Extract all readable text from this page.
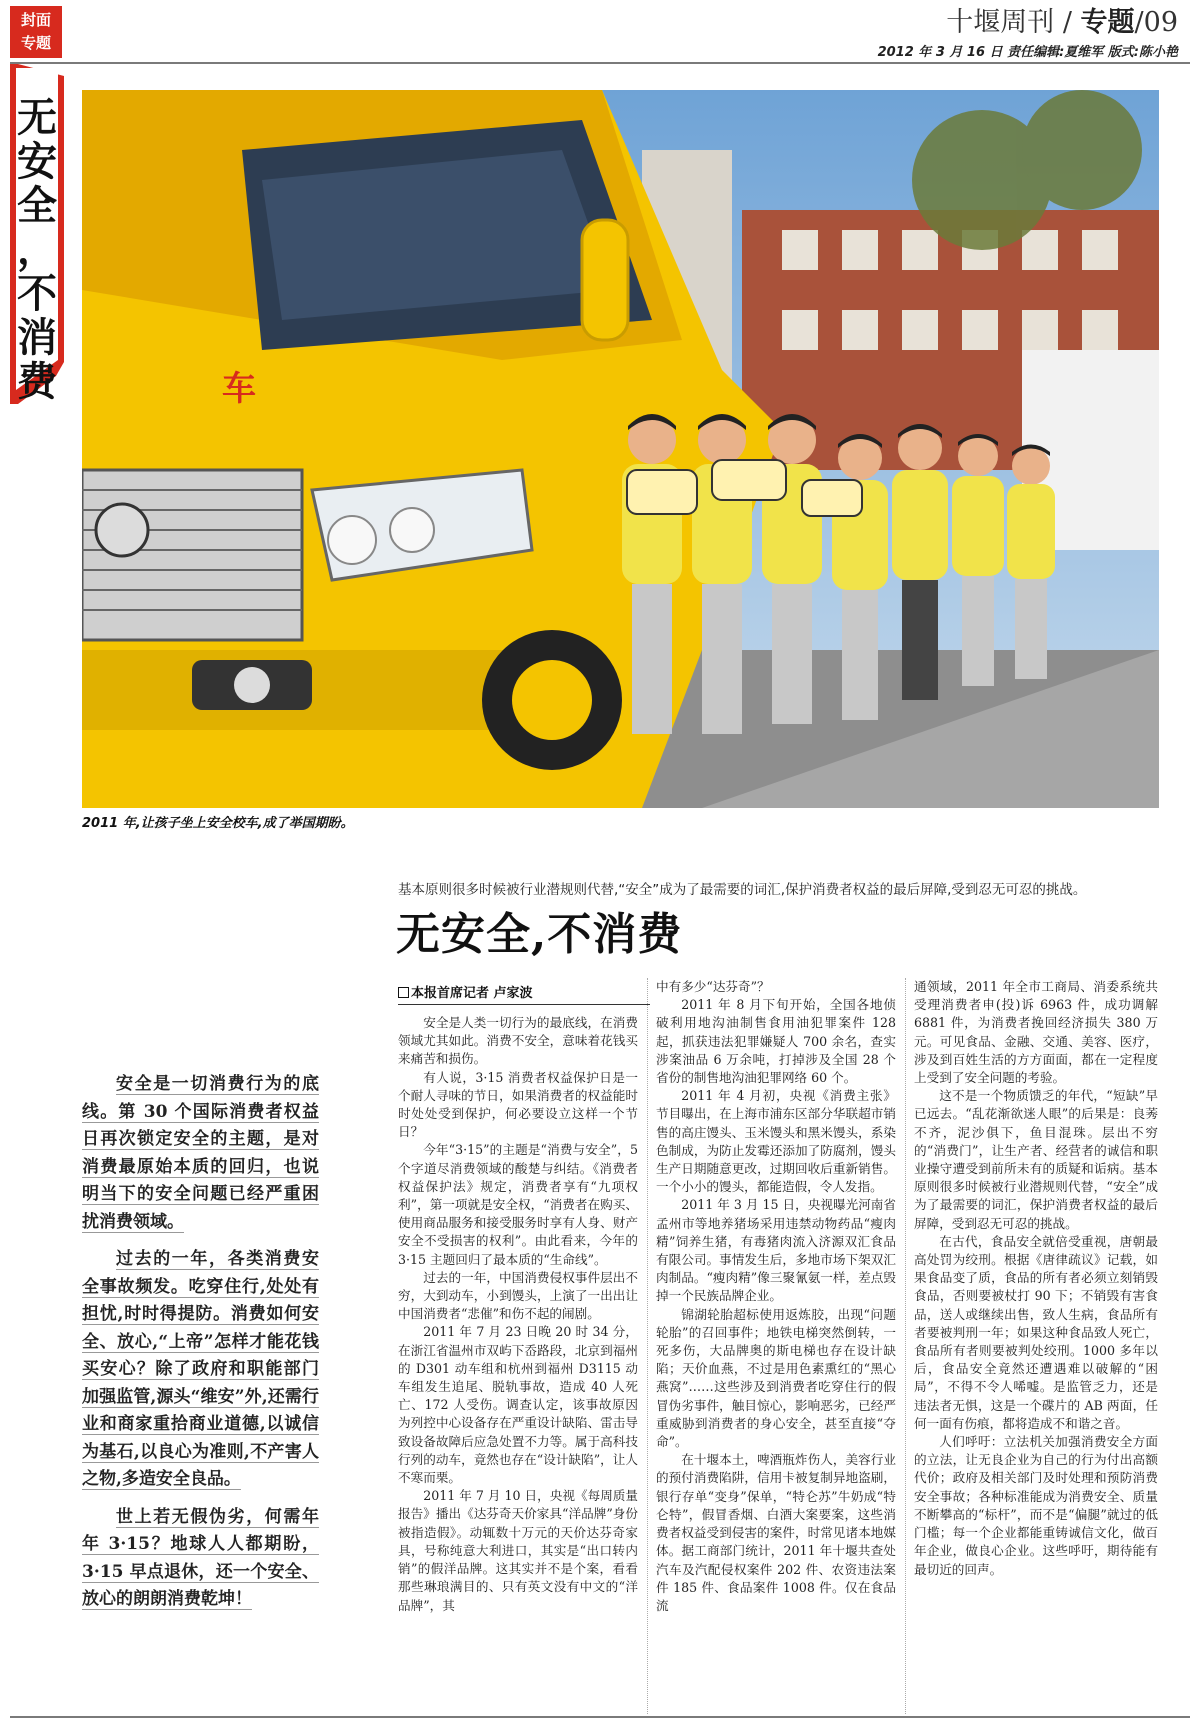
封面
专题
十堰周刊 / 专题/09
2012 年 3 月 16 日 责任编辑:夏维军 版式:陈小艳
无
安
全
，
不
消
费	车
2011 年,让孩子坐上安全校车,成了举国期盼。
基本原则很多时候被行业潜规则代替,“安全”成为了最需要的词汇,保护消费者权益的最后屏障,受到忍无可忍的挑战。
无安全,不消费

安全是一切消费行为的底线。第 30 个国际消费者权益日再次锁定安全的主题，是对消费最原始本质的回归，也说明当下的安全问题已经严重困扰消费领域。

过去的一年，各类消费安全事故频发。吃穿住行,处处有担忧,时时得提防。消费如何安全、放心,“上帝”怎样才能花钱买安心？除了政府和职能部门加强监管,源头“维安”外,还需行业和商家重拾商业道德,以诚信为基石,以良心为准则,不产害人之物,多造安全良品。

世上若无假伪劣，何需年年 3·15？地球人人都期盼，3·15 早点退休，还一个安全、放心的朗朗消费乾坤！

本报首席记者 卢家波

安全是人类一切行为的最底线，在消费领域尤其如此。消费不安全，意味着花钱买来痛苦和损伤。

有人说，3·15 消费者权益保护日是一个耐人寻味的节日，如果消费者的权益能时时处处受到保护，何必要设立这样一个节日？

今年“3·15”的主题是“消费与安全”，5 个字道尽消费领域的酸楚与纠结。《消费者权益保护法》规定，消费者享有“九项权利”，第一项就是安全权，“消费者在购买、使用商品服务和接受服务时享有人身、财产安全不受损害的权利”。由此看来，今年的 3·15 主题回归了最本质的“生命线”。

过去的一年，中国消费侵权事件层出不穷，大到动车，小到馒头，上演了一出出让中国消费者“悲催”和伤不起的闹剧。

2011 年 7 月 23 日晚 20 时 34 分，在浙江省温州市双屿下岙路段，北京到福州的 D301 动车组和杭州到福州 D3115 动车组发生追尾、脱轨事故，造成 40 人死亡、172 人受伤。调查认定，该事故原因为列控中心设备存在严重设计缺陷、雷击导致设备故障后应急处置不力等。属于高科技行列的动车，竟然也存在“设计缺陷”，让人不寒而栗。

2011 年 7 月 10 日，央视《每周质量报告》播出《达芬奇天价家具“洋品牌”身份被指造假》。动辄数十万元的天价达芬奇家具，号称纯意大利进口，其实是“出口转内销”的假洋品牌。这其实并不是个案，看看那些琳琅满目的、只有英文没有中文的“洋品牌”，其

中有多少“达芬奇”？

2011 年 8 月下旬开始，全国各地侦破利用地沟油制售食用油犯罪案件 128 起，抓获违法犯罪嫌疑人 700 余名，查实涉案油品 6 万余吨，打掉涉及全国 28 个省份的制售地沟油犯罪网络 60 个。

2011 年 4 月初，央视《消费主张》节目曝出，在上海市浦东区部分华联超市销售的高庄馒头、玉米馒头和黑米馒头，系染色制成，为防止发霉还添加了防腐剂，馒头生产日期随意更改，过期回收后重新销售。一个小小的馒头，都能造假，令人发指。

2011 年 3 月 15 日，央视曝光河南省孟州市等地养猪场采用违禁动物药品“瘦肉精”饲养生猪，有毒猪肉流入济源双汇食品有限公司。事情发生后，多地市场下架双汇肉制品。“瘦肉精”像三聚氰氨一样，差点毁掉一个民族品牌企业。

锦湖轮胎超标使用返炼胶，出现“问题轮胎”的召回事件；地铁电梯突然倒转，一死多伤，大品牌奥的斯电梯也存在设计缺陷；天价血燕，不过是用色素熏红的“黑心燕窝”……这些涉及到消费者吃穿住行的假冒伪劣事件，触目惊心，影响恶劣，已经严重威胁到消费者的身心安全，甚至直接“夺命”。

在十堰本土，啤酒瓶炸伤人，美容行业的预付消费陷阱，信用卡被复制异地盗刷，银行存单“变身”保单，“特仑苏”牛奶成“特仑特”，假冒香烟、白酒大案要案，这些消费者权益受到侵害的案件，时常见诸本地媒体。据工商部门统计，2011 年十堰共查处汽车及汽配侵权案件 202 件、农资违法案件 185 件、食品案件 1008 件。仅在食品流

通领域，2011 年全市工商局、消委系统共受理消费者申(投)诉 6963 件，成功调解 6881 件，为消费者挽回经济损失 380 万元。可见食品、金融、交通、美容、医疗，涉及到百姓生活的方方面面，都在一定程度上受到了安全问题的考验。

这不是一个物质馈乏的年代，“短缺”早已远去。“乱花渐欲迷人眼”的后果是：良莠不齐，泥沙俱下，鱼目混珠。层出不穷的“消费门”，让生产者、经营者的诚信和职业操守遭受到前所未有的质疑和诟病。基本原则很多时候被行业潜规则代替，“安全”成为了最需要的词汇，保护消费者权益的最后屏障，受到忍无可忍的挑战。

在古代，食品安全就倍受重视，唐朝最高处罚为绞刑。根据《唐律疏议》记载，如果食品变了质，食品的所有者必须立刻销毁食品，否则要被杖打 90 下；不销毁有害食品，送人或继续出售，致人生病，食品所有者要被判刑一年；如果这种食品致人死亡，食品所有者则要被判处绞刑。1000 多年以后，食品安全竟然还遭遇难以破解的“困局”，不得不令人唏嘘。是监管乏力，还是违法者无惧，这是一个碟片的 AB 两面，任何一面有伤痕，都将造成不和谐之音。

人们呼吁：立法机关加强消费安全方面的立法，让无良企业为自己的行为付出高额代价；政府及相关部门及时处理和预防消费安全事故；各种标准能成为消费安全、质量不断攀高的“标杆”，而不是“偏腿”就过的低门槛；每一个企业都能重铸诚信文化，做百年企业，做良心企业。这些呼吁，期待能有最切近的回声。
